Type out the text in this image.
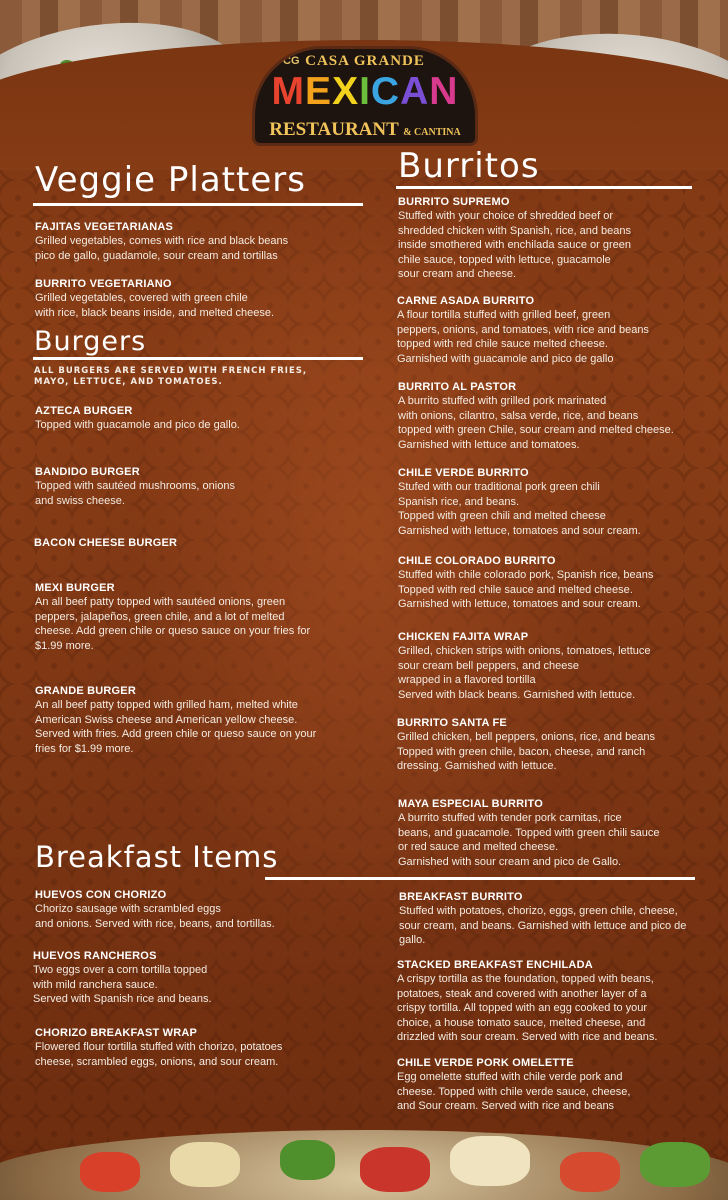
CG CASA GRANDE
MEXICAN
RESTAURANT & CANTINA
Veggie Platters
FAJITAS VEGETARIANAS
Grilled vegetables, comes with rice and black beans
pico de gallo, guadamole, sour cream and tortillas
BURRITO VEGETARIANO
Grilled vegetables, covered with green chile
with rice, black beans inside, and melted cheese.
Burgers
ALL BURGERS ARE SERVED WITH FRENCH FRIES,
MAYO, LETTUCE, AND TOMATOES.
AZTECA BURGER
Topped with guacamole and pico de gallo.
BANDIDO BURGER
Topped with sautéed mushrooms, onions
and swiss cheese.
BACON CHEESE BURGER
MEXI BURGER
An all beef patty topped with sautéed onions, green
peppers, jalapeños, green chile, and a lot of melted
cheese. Add green chile or queso sauce on your fries for
$1.99 more.
GRANDE BURGER
An all beef patty topped with grilled ham, melted white
American Swiss cheese and American yellow cheese.
Served with fries. Add green chile or queso sauce on your
fries for $1.99 more.
Burritos
BURRITO SUPREMO
Stuffed with your choice of shredded beef or
shredded chicken with Spanish, rice, and beans
inside smothered with enchilada sauce or green
chile sauce, topped with lettuce, guacamole
sour cream and cheese.
CARNE ASADA BURRITO
A flour tortilla stuffed with grilled beef, green
peppers, onions, and tomatoes, with rice and beans
topped with red chile sauce melted cheese.
Garnished with guacamole and pico de gallo
BURRITO AL PASTOR
A burrito stuffed with grilled pork marinated
with onions, cilantro, salsa verde, rice, and beans
topped with green Chile, sour cream and melted cheese.
Garnished with lettuce and tomatoes.
CHILE VERDE BURRITO
Stufed with our traditional pork green chili
Spanish rice, and beans.
Topped with green chili and melted cheese
Garnished with lettuce, tomatoes and sour cream.
CHILE COLORADO BURRITO
Stuffed with chile colorado pork, Spanish rice, beans
Topped with red chile sauce and melted cheese.
Garnished with lettuce, tomatoes and sour cream.
CHICKEN FAJITA WRAP
Grilled, chicken strips with onions, tomatoes, lettuce
sour cream bell peppers, and cheese
wrapped in a flavored tortilla
Served with black beans. Garnished with lettuce.
BURRITO SANTA FE
Grilled chicken, bell peppers, onions, rice, and beans
Topped with green chile, bacon, cheese, and ranch
dressing. Garnished with lettuce.
MAYA ESPECIAL BURRITO
A burrito stuffed with tender pork carnitas, rice
beans, and guacamole. Topped with green chili sauce
or red sauce and melted cheese.
Garnished with sour cream and pico de Gallo.
Breakfast Items
HUEVOS CON CHORIZO
Chorizo sausage with scrambled eggs
and onions. Served with rice, beans, and tortillas.
HUEVOS RANCHEROS
Two eggs over a corn tortilla topped
with mild ranchera sauce.
Served with Spanish rice and beans.
CHORIZO BREAKFAST WRAP
Flowered flour tortilla stuffed with chorizo, potatoes
cheese, scrambled eggs, onions, and sour cream.
BREAKFAST BURRITO
Stuffed with potatoes, chorizo, eggs, green chile, cheese,
sour cream, and beans. Garnished with lettuce and pico de
gallo.
STACKED BREAKFAST ENCHILADA
A crispy tortilla as the foundation, topped with beans,
potatoes, steak and covered with another layer of a
crispy tortilla. All topped with an egg cooked to your
choice, a house tomato sauce, melted cheese, and
drizzled with sour cream. Served with rice and beans.
CHILE VERDE PORK OMELETTE
Egg omelette stuffed with chile verde pork and
cheese. Topped with chile verde sauce, cheese,
and Sour cream. Served with rice and beans
